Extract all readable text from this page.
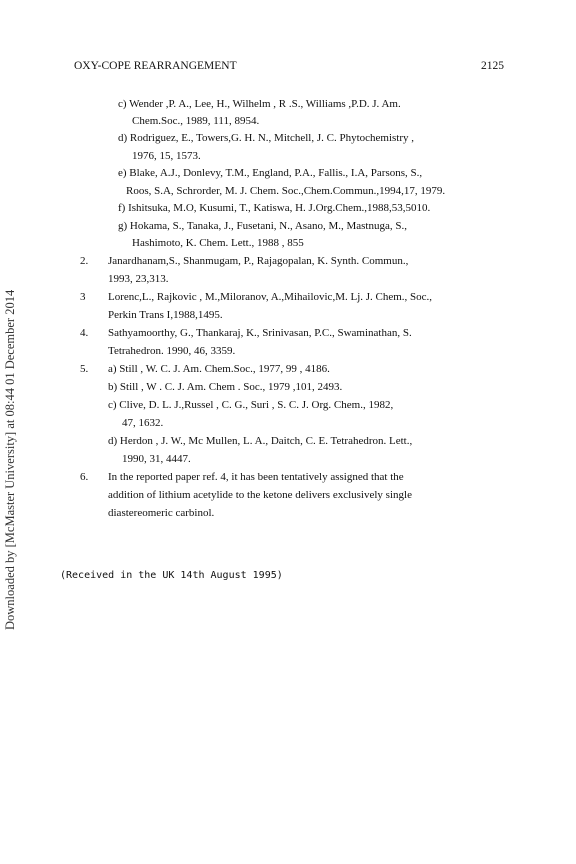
OXY-COPE REARRANGEMENT	2125
Downloaded by [McMaster University] at 08:44 01 December 2014
c) Wender ,P. A., Lee, H., Wilhelm , R .S., Williams ,P.D. J. Am.
Chem.Soc., 1989, 111, 8954.
d) Rodriguez, E., Towers,G. H. N., Mitchell, J. C. Phytochemistry ,
1976, 15, 1573.
e) Blake, A.J., Donlevy, T.M., England, P.A., Fallis., I.A, Parsons, S.,
Roos, S.A, Schrorder, M. J. Chem. Soc.,Chem.Commun.,1994,17, 1979.
f) Ishitsuka, M.O, Kusumi, T., Katiswa, H. J.Org.Chem.,1988,53,5010.
g) Hokama, S., Tanaka, J., Fusetani, N., Asano, M., Mastnuga, S.,
Hashimoto, K. Chem. Lett., 1988 , 855
2. Janardhanam,S., Shanmugam, P., Rajagopalan, K. Synth. Commun.,
1993, 23,313.
3 Lorenc,L., Rajkovic , M.,Miloranov, A.,Mihailovic,M. Lj. J. Chem., Soc.,
Perkin Trans I,1988,1495.
4. Sathyamoorthy, G., Thankaraj, K., Srinivasan, P.C., Swaminathan, S.
Tetrahedron. 1990, 46, 3359.
5. a) Still , W. C. J. Am. Chem.Soc., 1977, 99 , 4186.
b) Still , W . C. J. Am. Chem . Soc., 1979 ,101, 2493.
c) Clive, D. L. J.,Russel , C. G., Suri , S. C. J. Org. Chem., 1982,
47, 1632.
d) Herdon , J. W., Mc Mullen, L. A., Daitch, C. E. Tetrahedron. Lett.,
1990, 31, 4447.
6. In the reported paper ref. 4, it has been tentatively assigned that the
addition of lithium acetylide to the ketone delivers exclusively single
diastereomeric carbinol.
(Received in the UK 14th August 1995)
